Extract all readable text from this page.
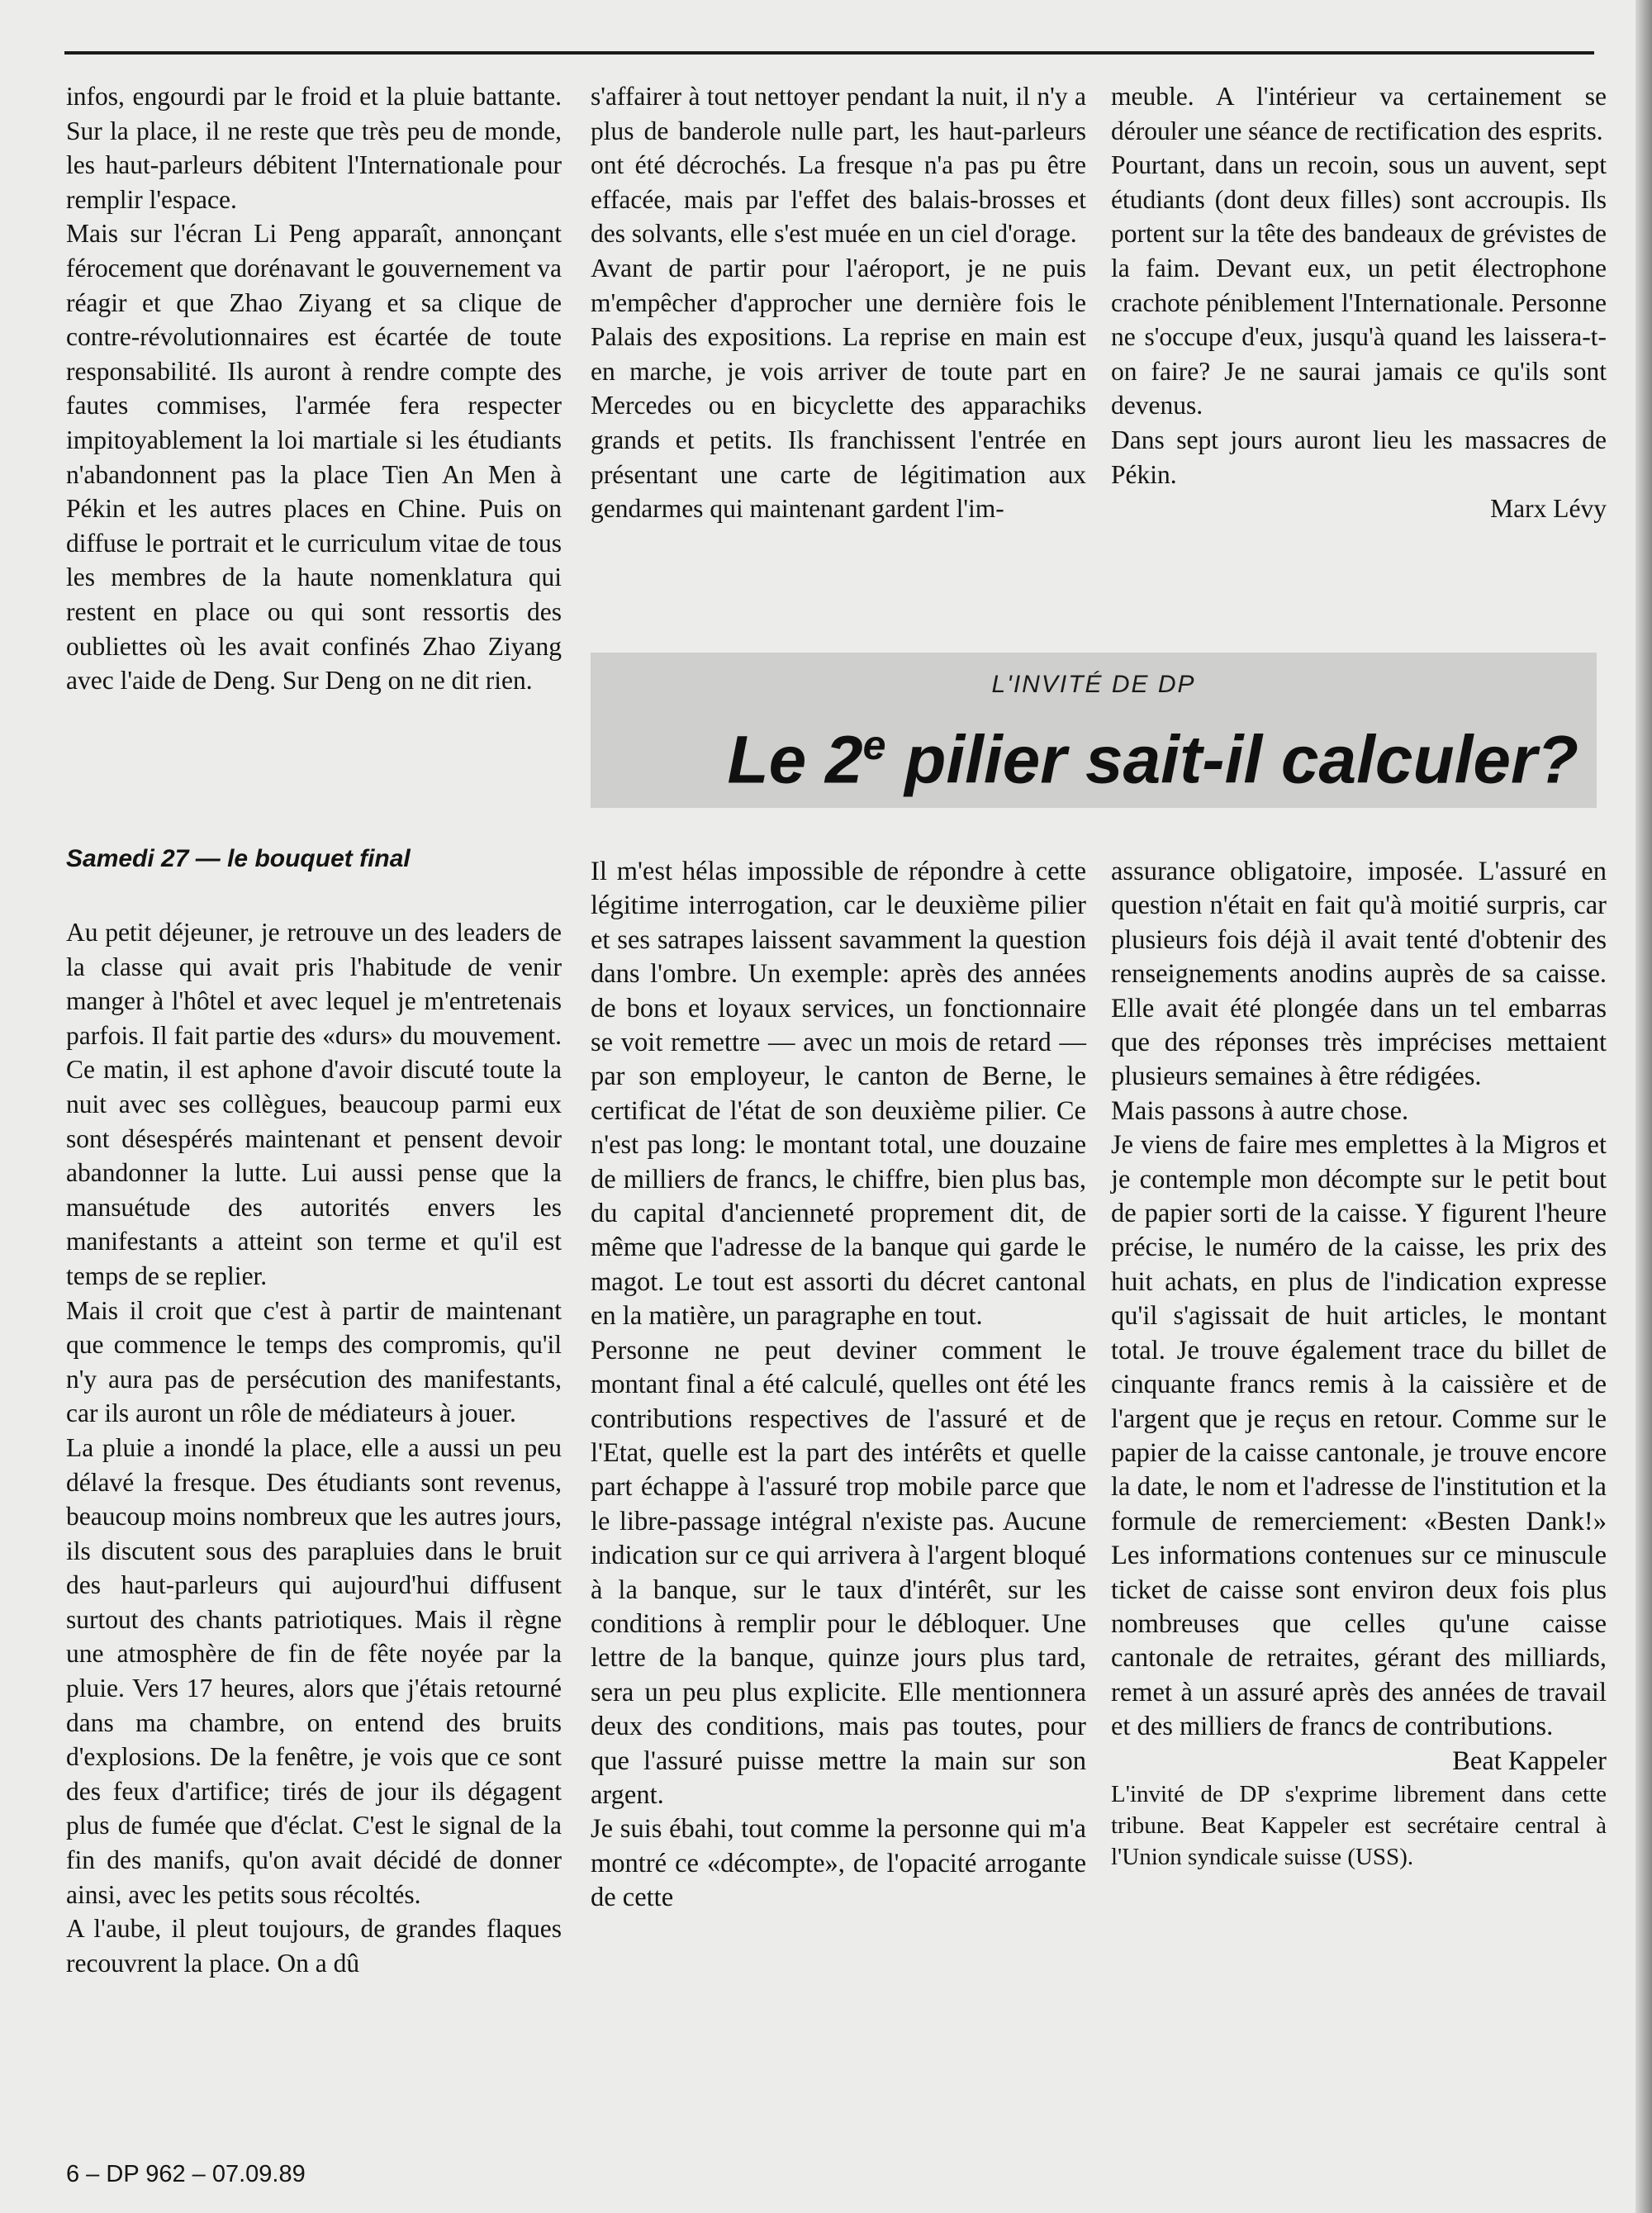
infos, engourdi par le froid et la pluie battante. Sur la place, il ne reste que très peu de monde, les haut-parleurs débitent l'Internationale pour remplir l'espace.

Mais sur l'écran Li Peng apparaît, annonçant férocement que dorénavant le gouvernement va réagir et que Zhao Ziyang et sa clique de contre-révolutionnaires est écartée de toute responsabilité. Ils auront à rendre compte des fautes commises, l'armée fera respecter impitoyablement la loi martiale si les étudiants n'abandonnent pas la place Tien An Men à Pékin et les autres places en Chine. Puis on diffuse le portrait et le curriculum vitae de tous les membres de la haute nomenklatura qui restent en place ou qui sont ressortis des oubliettes où les avait confinés Zhao Ziyang avec l'aide de Deng. Sur Deng on ne dit rien.

s'affairer à tout nettoyer pendant la nuit, il n'y a plus de banderole nulle part, les haut-parleurs ont été décrochés. La fresque n'a pas pu être effacée, mais par l'effet des balais-brosses et des solvants, elle s'est muée en un ciel d'orage.

Avant de partir pour l'aéroport, je ne puis m'empêcher d'approcher une dernière fois le Palais des expositions. La reprise en main est en marche, je vois arriver de toute part en Mercedes ou en bicyclette des apparachiks grands et petits. Ils franchissent l'entrée en présentant une carte de légitimation aux gendarmes qui maintenant gardent l'im-

meuble. A l'intérieur va certainement se dérouler une séance de rectification des esprits.

Pourtant, dans un recoin, sous un auvent, sept étudiants (dont deux filles) sont accroupis. Ils portent sur la tête des bandeaux de grévistes de la faim. Devant eux, un petit électrophone crachote péniblement l'Internationale. Personne ne s'occupe d'eux, jusqu'à quand les laissera-t-on faire? Je ne saurai jamais ce qu'ils sont devenus.

Dans sept jours auront lieu les massacres de Pékin.

Marx Lévy

L'INVITÉ DE DP
Le 2e pilier sait-il calculer?
Samedi 27 — le bouquet final

Au petit déjeuner, je retrouve un des leaders de la classe qui avait pris l'habitude de venir manger à l'hôtel et avec lequel je m'entretenais parfois. Il fait partie des «durs» du mouvement. Ce matin, il est aphone d'avoir discuté toute la nuit avec ses collègues, beaucoup parmi eux sont désespérés maintenant et pensent devoir abandonner la lutte. Lui aussi pense que la mansuétude des autorités envers les manifestants a atteint son terme et qu'il est temps de se replier.

Mais il croit que c'est à partir de maintenant que commence le temps des compromis, qu'il n'y aura pas de persécution des manifestants, car ils auront un rôle de médiateurs à jouer.

La pluie a inondé la place, elle a aussi un peu délavé la fresque. Des étudiants sont revenus, beaucoup moins nombreux que les autres jours, ils discutent sous des parapluies dans le bruit des haut-parleurs qui aujourd'hui diffusent surtout des chants patriotiques. Mais il règne une atmosphère de fin de fête noyée par la pluie. Vers 17 heures, alors que j'étais retourné dans ma chambre, on entend des bruits d'explosions. De la fenêtre, je vois que ce sont des feux d'artifice; tirés de jour ils dégagent plus de fumée que d'éclat. C'est le signal de la fin des manifs, qu'on avait décidé de donner ainsi, avec les petits sous récoltés.

A l'aube, il pleut toujours, de grandes flaques recouvrent la place. On a dû

Il m'est hélas impossible de répondre à cette légitime interrogation, car le deuxième pilier et ses satrapes laissent savamment la question dans l'ombre. Un exemple: après des années de bons et loyaux services, un fonctionnaire se voit remettre — avec un mois de retard — par son employeur, le canton de Berne, le certificat de l'état de son deuxième pilier. Ce n'est pas long: le montant total, une douzaine de milliers de francs, le chiffre, bien plus bas, du capital d'ancienneté proprement dit, de même que l'adresse de la banque qui garde le magot. Le tout est assorti du décret cantonal en la matière, un paragraphe en tout.

Personne ne peut deviner comment le montant final a été calculé, quelles ont été les contributions respectives de l'assuré et de l'Etat, quelle est la part des intérêts et quelle part échappe à l'assuré trop mobile parce que le libre-passage intégral n'existe pas. Aucune indication sur ce qui arrivera à l'argent bloqué à la banque, sur le taux d'intérêt, sur les conditions à remplir pour le débloquer. Une lettre de la banque, quinze jours plus tard, sera un peu plus explicite. Elle mentionnera deux des conditions, mais pas toutes, pour que l'assuré puisse mettre la main sur son argent.

Je suis ébahi, tout comme la personne qui m'a montré ce «décompte», de l'opacité arrogante de cette

assurance obligatoire, imposée. L'assuré en question n'était en fait qu'à moitié surpris, car plusieurs fois déjà il avait tenté d'obtenir des renseignements anodins auprès de sa caisse. Elle avait été plongée dans un tel embarras que des réponses très imprécises mettaient plusieurs semaines à être rédigées.

Mais passons à autre chose.

Je viens de faire mes emplettes à la Migros et je contemple mon décompte sur le petit bout de papier sorti de la caisse. Y figurent l'heure précise, le numéro de la caisse, les prix des huit achats, en plus de l'indication expresse qu'il s'agissait de huit articles, le montant total. Je trouve également trace du billet de cinquante francs remis à la caissière et de l'argent que je reçus en retour. Comme sur le papier de la caisse cantonale, je trouve encore la date, le nom et l'adresse de l'institution et la formule de remerciement: «Besten Dank!» Les informations contenues sur ce minuscule ticket de caisse sont environ deux fois plus nombreuses que celles qu'une caisse cantonale de retraites, gérant des milliards, remet à un assuré après des années de travail et des milliers de francs de contributions.

Beat Kappeler

L'invité de DP s'exprime librement dans cette tribune. Beat Kappeler est secrétaire central à l'Union syndicale suisse (USS).

6 – DP 962 – 07.09.89
